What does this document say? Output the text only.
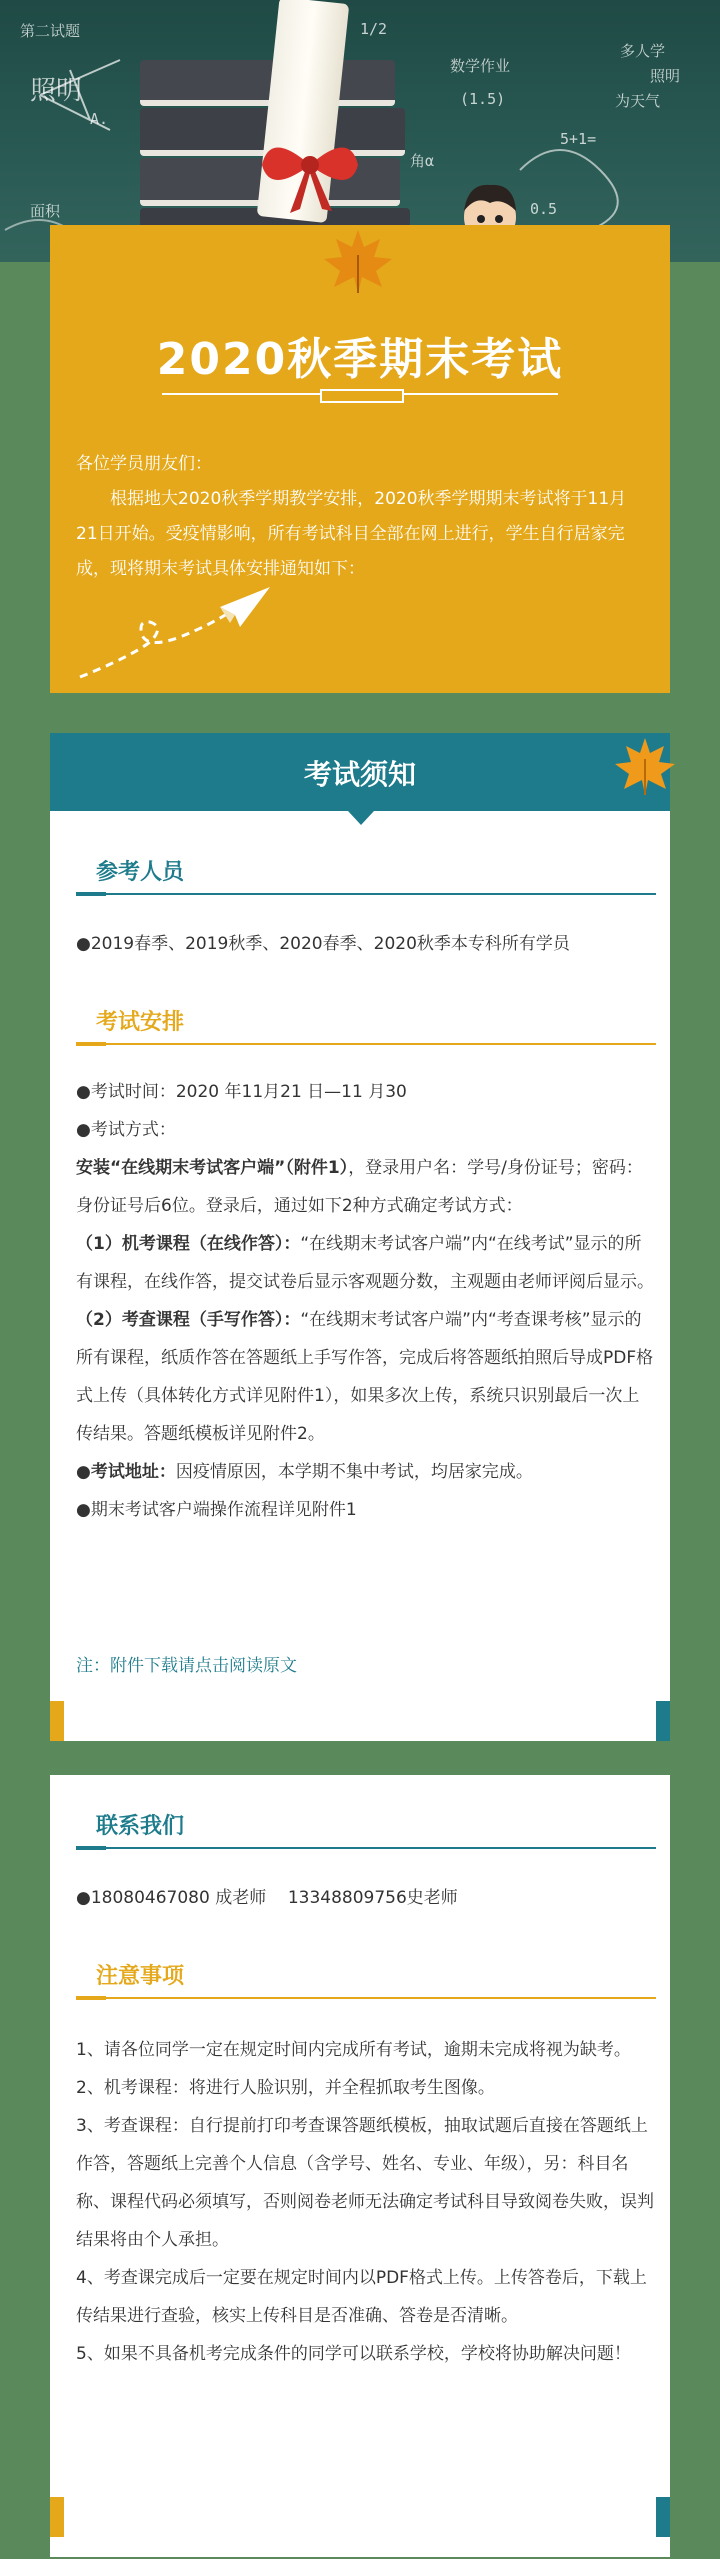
照明
第二试题
面积
A.
数学作业
(1.5)
角α
1/2
5+1=
多人学
照明
为天气
0.5
2020秋季期末考试

各位学员朋友们：

根据地大2020秋季学期教学安排，2020秋季学期期末考试将于11月21日开始。受疫情影响，所有考试科目全部在网上进行，学生自行居家完成，现将期末考试具体安排通知如下：

考试须知
参考人员

●2019春季、2019秋季、2020春季、2020秋季本专科所有学员

考试安排

●考试时间：2020 年11月21 日—11 月30

●考试方式：

安装“在线期末考试客户端”（附件1），登录用户名：学号/身份证号；密码：身份证号后6位。登录后，通过如下2种方式确定考试方式：

（1）机考课程（在线作答）：“在线期末考试客户端”内“在线考试”显示的所有课程，在线作答，提交试卷后显示客观题分数，主观题由老师评阅后显示。

（2）考查课程（手写作答）：“在线期末考试客户端”内“考查课考核”显示的所有课程，纸质作答在答题纸上手写作答，完成后将答题纸拍照后导成PDF格式上传（具体转化方式详见附件1），如果多次上传，系统只识别最后一次上传结果。答题纸模板详见附件2。

●考试地址：因疫情原因，本学期不集中考试，均居家完成。

●期末考试客户端操作流程详见附件1

注：附件下载请点击阅读原文
联系我们

●18080467080 成老师    13348809756史老师

注意事项

1、请各位同学一定在规定时间内完成所有考试，逾期未完成将视为缺考。

2、机考课程：将进行人脸识别，并全程抓取考生图像。

3、考查课程：自行提前打印考查课答题纸模板，抽取试题后直接在答题纸上作答，答题纸上完善个人信息（含学号、姓名、专业、年级），另：科目名称、课程代码必须填写，否则阅卷老师无法确定考试科目导致阅卷失败，误判结果将由个人承担。

4、考查课完成后一定要在规定时间内以PDF格式上传。上传答卷后，下载上传结果进行查验，核实上传科目是否准确、答卷是否清晰。

5、如果不具备机考完成条件的同学可以联系学校，学校将协助解决问题！
